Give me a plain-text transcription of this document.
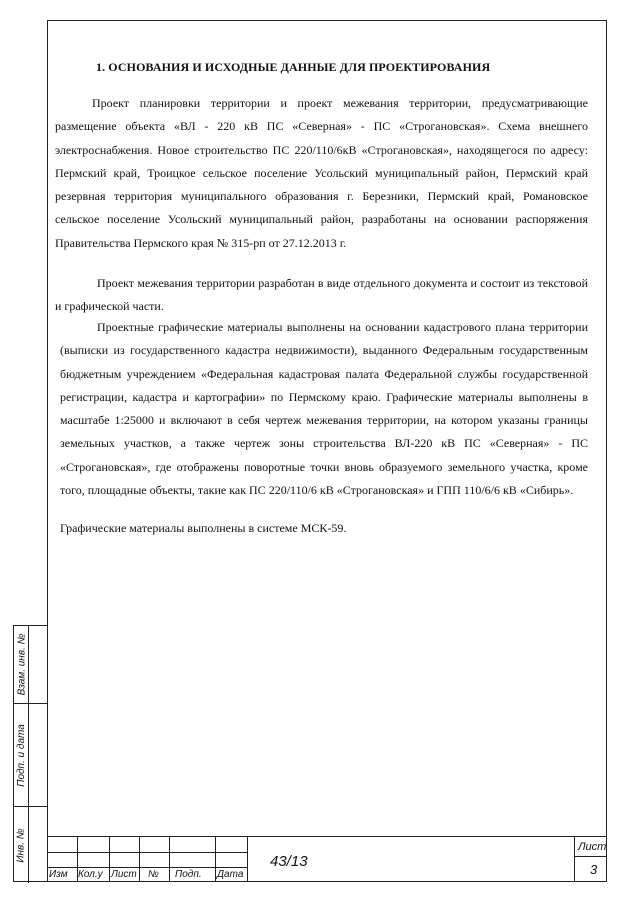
Взам. инв. №
Подп. и дата
Инв. №
1. ОСНОВАНИЯ И ИСХОДНЫЕ ДАННЫЕ ДЛЯ ПРОЕКТИРОВАНИЯ
Проект планировки территории и проект межевания территории, предусматривающие размещение объекта «ВЛ - 220 кВ ПС «Северная» - ПС «Строгановская». Схема внешнего электроснабжения. Новое строительство ПС 220/110/6кВ «Строгановская», находящегося по адресу: Пермский край, Троицкое сельское поселение Усольский муниципальный район, Пермский край резервная территория муниципального образования г. Березники, Пермский край, Романовское сельское поселение Усольский муниципальный район, разработаны на основании распоряжения Правительства Пермского края № 315-рп от 27.12.2013 г.
Проект межевания территории разработан в виде отдельного документа и состоит из текстовой и графической части.
Проектные графические материалы выполнены на основании кадастрового плана территории (выписки из государственного кадастра недвижимости), выданного Федеральным государственным бюджетным учреждением «Федеральная кадастровая палата Федеральной службы государственной регистрации, кадастра и картографии» по Пермскому краю. Графические материалы выполнены в масштабе 1:25000 и включают в себя чертеж межевания территории, на котором указаны границы земельных участков, а также чертеж зоны строительства ВЛ-220 кВ ПС «Северная» - ПС «Строгановская», где отображены поворотные точки вновь образуемого земельного участка, кроме того, площадные объекты, такие как ПС 220/110/6 кВ «Строгановская» и ГПП 110/6/6 кВ «Сибирь».
Графические материалы выполнены в системе МСК-59.
Изм Кол.у Лист № Подп. Дата
43/13
Лист
3
